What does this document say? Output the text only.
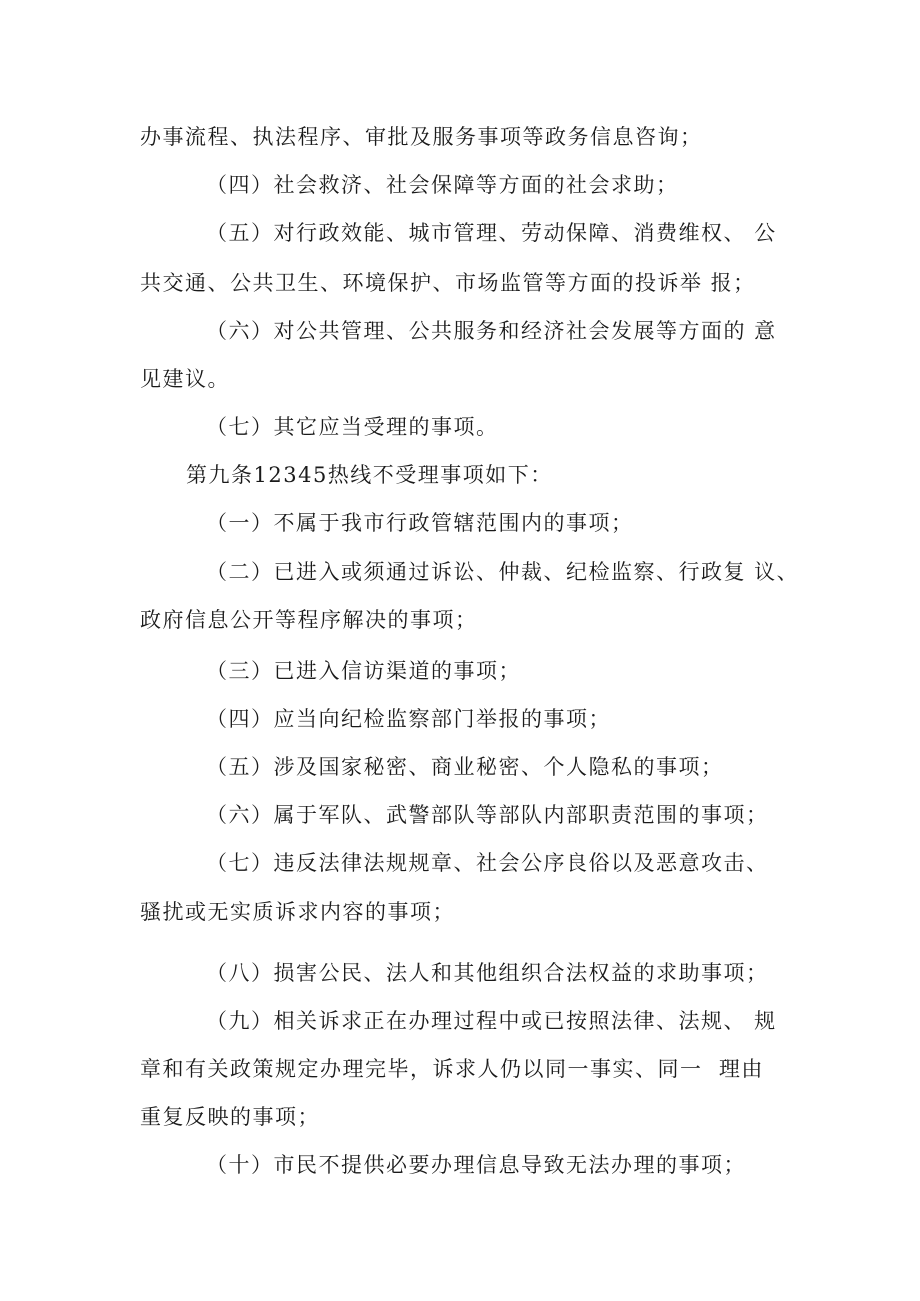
办事流程、执法程序、审批及服务事项等政务信息咨询；
（四）社会救济、社会保障等方面的社会求助；
（五）对行政效能、城市管理、劳动保障、消费维权、 公
共交通、公共卫生、环境保护、市场监管等方面的投诉举 报；
（六）对公共管理、公共服务和经济社会发展等方面的 意
见建议。
（七）其它应当受理的事项。
第九条12345热线不受理事项如下：
（一）不属于我市行政管辖范围内的事项；
（二）已进入或须通过诉讼、仲裁、纪检监察、行政复 议、
政府信息公开等程序解决的事项；
（三）已进入信访渠道的事项；
（四）应当向纪检监察部门举报的事项；
（五）涉及国家秘密、商业秘密、个人隐私的事项；
（六）属于军队、武警部队等部队内部职责范围的事项；
（七）违反法律法规规章、社会公序良俗以及恶意攻击、
骚扰或无实质诉求内容的事项；
（八）损害公民、法人和其他组织合法权益的求助事项；
（九）相关诉求正在办理过程中或已按照法律、法规、 规
章和有关政策规定办理完毕，诉求人仍以同一事实、同一  理由
重复反映的事项；
（十）市民不提供必要办理信息导致无法办理的事项；
